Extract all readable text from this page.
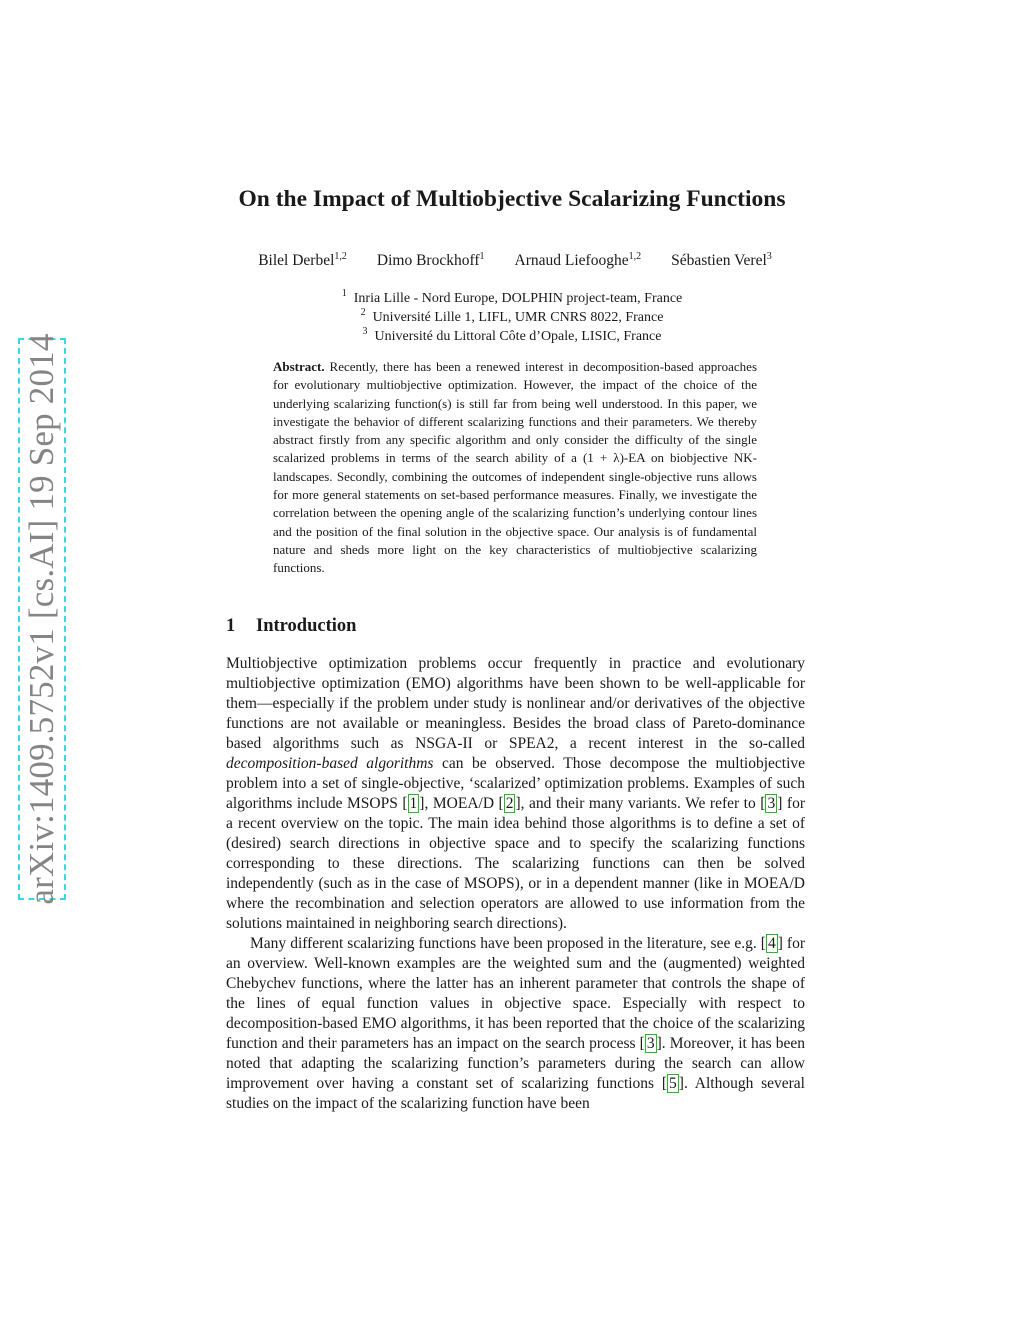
arXiv:1409.5752v1 [cs.AI] 19 Sep 2014
On the Impact of Multiobjective Scalarizing Functions
Bilel Derbel$^{1,2}$ Dimo Brockhoff$^1$ Arnaud Liefooghe$^{1,2}$ Sébastien Verel$^3$
$^1$ Inria Lille - Nord Europe, DOLPHIN project-team, France
$^2$ Université Lille 1, LIFL, UMR CNRS 8022, France
$^3$ Université du Littoral Côte d’Opale, LISIC, France
Abstract. Recently, there has been a renewed interest in decomposition-based approaches for evolutionary multiobjective optimization. However, the impact of the choice of the underlying scalarizing function(s) is still far from being well understood. In this paper, we investigate the behavior of different scalarizing functions and their parameters. We thereby abstract firstly from any specific algorithm and only consider the difficulty of the single scalarized problems in terms of the search ability of a (1 + λ)-EA on biobjective NK-landscapes. Secondly, combining the outcomes of independent single-objective runs allows for more general statements on set-based performance measures. Finally, we investigate the correlation between the opening angle of the scalarizing function’s underlying contour lines and the position of the final solution in the objective space. Our analysis is of fundamental nature and sheds more light on the key characteristics of multiobjective scalarizing functions.
1 Introduction

Multiobjective optimization problems occur frequently in practice and evolutionary multiobjective optimization (EMO) algorithms have been shown to be well-applicable for them—especially if the problem under study is nonlinear and/or derivatives of the objective functions are not available or meaningless. Besides the broad class of Pareto-dominance based algorithms such as NSGA-II or SPEA2, a recent interest in the so-called decomposition-based algorithms can be observed. Those decompose the multiobjective problem into a set of single-objective, ‘scalarized’ optimization problems. Examples of such algorithms include MSOPS [ 1 ], MOEA/D [ 2 ], and their many variants. We refer to [ 3 ] for a recent overview on the topic. The main idea behind those algorithms is to define a set of (desired) search directions in objective space and to specify the scalarizing functions corresponding to these directions. The scalarizing functions can then be solved independently (such as in the case of MSOPS), or in a dependent manner (like in MOEA/D where the recombination and selection operators are allowed to use information from the solutions maintained in neighboring search directions).

Many different scalarizing functions have been proposed in the literature, see e.g. [ 4 ] for an overview. Well-known examples are the weighted sum and the (augmented) weighted Chebychev functions, where the latter has an inherent parameter that controls the shape of the lines of equal function values in objective space. Especially with respect to decomposition-based EMO algorithms, it has been reported that the choice of the scalarizing function and their parameters has an impact on the search process [ 3 ]. Moreover, it has been noted that adapting the scalarizing function’s parameters during the search can allow improvement over having a constant set of scalarizing functions [ 5 ]. Although several studies on the impact of the scalarizing function have been
